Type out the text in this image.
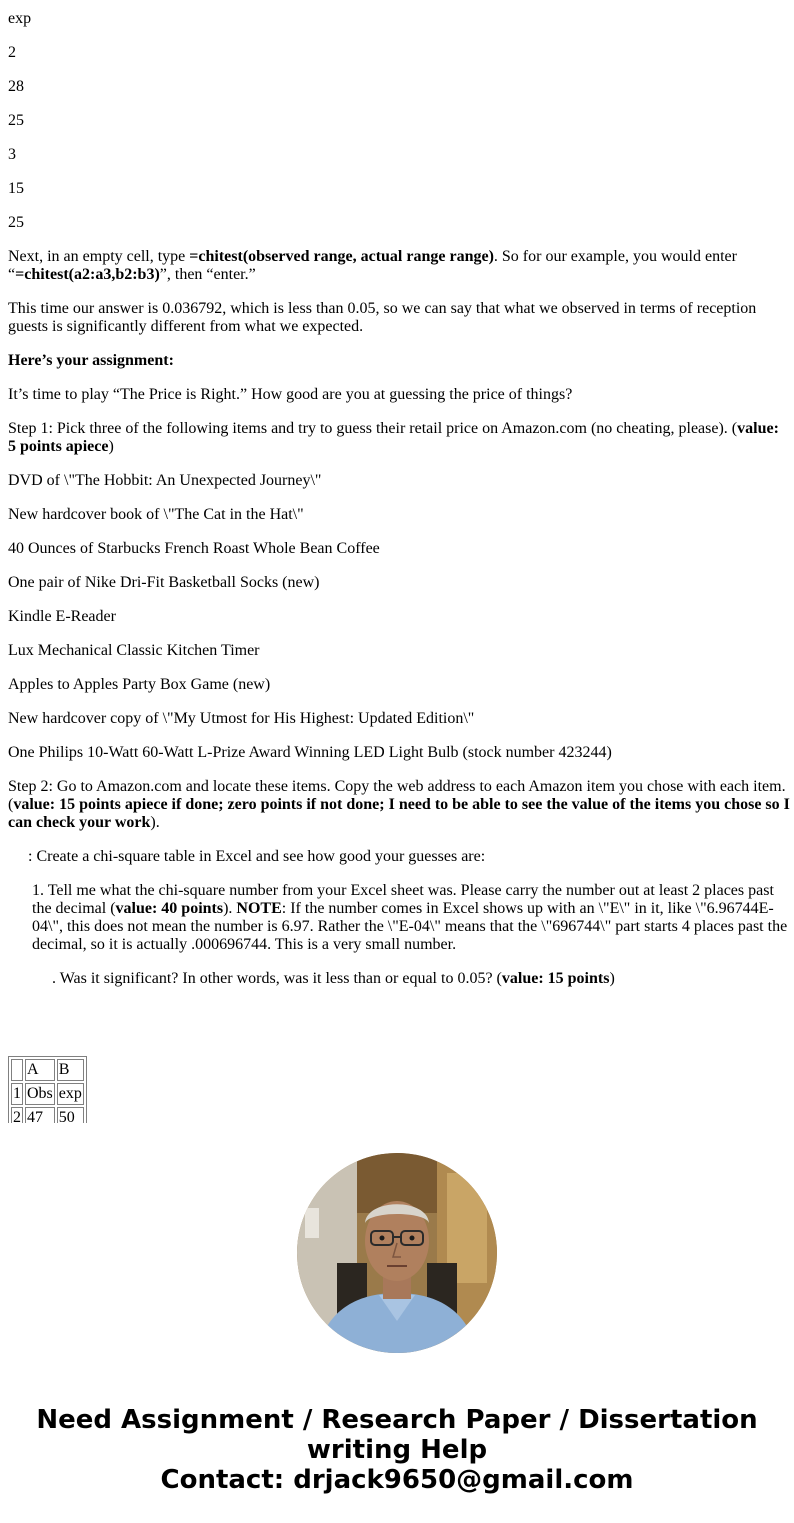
exp

2

28

25

3

15

25

Next, in an empty cell, type =chitest(observed range, actual range range). So for our example, you would enter “=chitest(a2:a3,b2:b3)”, then “enter.”

This time our answer is 0.036792, which is less than 0.05, so we can say that what we observed in terms of reception guests is significantly different from what we expected.

Here’s your assignment:

It’s time to play “The Price is Right.” How good are you at guessing the price of things?

Step 1: Pick three of the following items and try to guess their retail price on Amazon.com (no cheating, please). (value: 5 points apiece)

DVD of \"The Hobbit: An Unexpected Journey\"

New hardcover book of \"The Cat in the Hat\"

40 Ounces of Starbucks French Roast Whole Bean Coffee

One pair of Nike Dri-Fit Basketball Socks (new)

Kindle E-Reader

Lux Mechanical Classic Kitchen Timer

Apples to Apples Party Box Game (new)

New hardcover copy of \"My Utmost for His Highest: Updated Edition\"

One Philips 10-Watt 60-Watt L-Prize Award Winning LED Light Bulb (stock number 423244)

Step 2: Go to Amazon.com and locate these items. Copy the web address to each Amazon item you chose with each item. (value: 15 points apiece if done; zero points if not done; I need to be able to see the value of the items you chose so I can check your work).

: Create a chi-square table in Excel and see how good your guesses are:

1. Tell me what the chi-square number from your Excel sheet was. Please carry the number out at least 2 places past the decimal (value: 40 points). NOTE: If the number comes in Excel shows up with an \"E\" in it, like \"6.96744E-04\", this does not mean the number is 6.97. Rather the \"E-04\" means that the \"696744\" part starts 4 places past the decimal, so it is actually .000696744. This is a very small number.

. Was it significant? In other words, was it less than or equal to 0.05? (value: 15 points)

	A	B
1	Obs	exp
2	47	50
Need Assignment / Research Paper / Dissertation
writing Help
Contact: drjack9650@gmail.com
